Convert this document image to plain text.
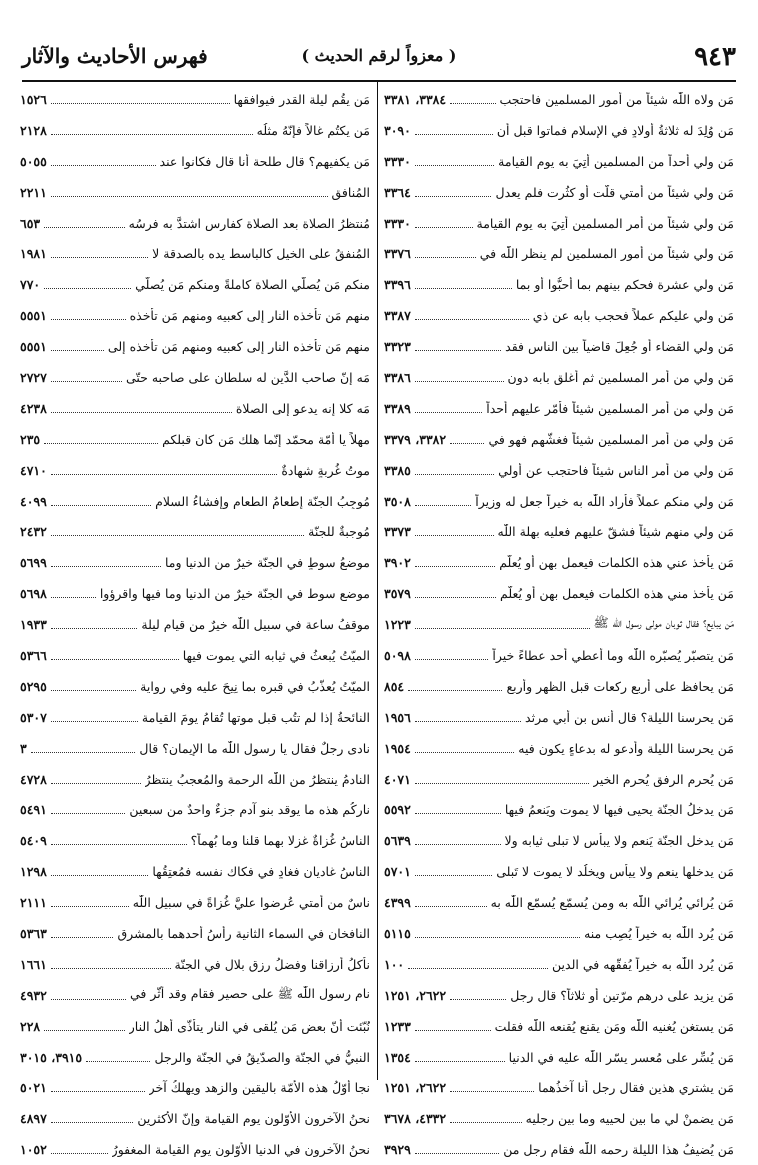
٩٤٣
( معزواً لرقم الحديث )
فهرس الأحاديث والآثار
مَن ولاه اللّٰه شيئاً من أمور المسلمين فاحتجب
٣٣٨٤، ٣٣٨١
مَن وُلِدَ له ثلاثةُ أولادٍ في الإسلام فماتوا قبل أن
٣٠٩٠
مَن ولي أحداً من المسلمين أُتِيَ به يوم القيامة
٣٣٣٠
مَن ولي شيئاً من أُمتي قلّت أو كثُرت فلم يعدل
٣٣٦٤
مَن ولي شيئاً من أمر المسلمين أُتِيَ به يوم القيامة
٣٣٣٠
مَن ولي شيئاً من أمور المسلمين لم ينظر اللّٰه في
٣٣٧٦
مَن ولي عشرة فحكم بينهم بما أحبُّوا أو بما
٣٣٩٦
مَن ولي عليكم عملاً فحجب بابه عن ذي
٣٣٨٧
مَن ولي القضاء أو جُعِلَ قاضياً بين الناس فقد
٣٣٢٣
مَن ولي من أمر المسلمين ثم أغلق بابه دون
٣٣٨٦
مَن ولي من أمر المسلمين شيئاً فأمّر عليهم أحداً
٣٣٨٩
مَن ولي من أمر المسلمين شيئاً فغشّهم فهو في
٣٣٨٢، ٣٣٧٩
مَن ولي من أمر الناس شيئاً فاحتجب عن أولي
٣٣٨٥
مَن ولي منكم عملاً فأراد اللّٰه به خيراً جعل له وزيراً
٣٥٠٨
مَن ولي منهم شيئاً فشقّ عليهم فعليه بهلة اللّٰه
٣٣٧٣
مَن يأخذ عني هذه الكلمات فيعمل بهن أو يُعلّم
٣٩٠٢
مَن يأخذ مني هذه الكلمات فيعمل بهن أو يُعلّم
٣٥٧٩
مَن يبايع؟ فقال ثوبان مولى رسول اللّٰه ﷺ
١٢٢٣
مَن يتصبّر يُصبّره اللّٰه وما أُعطي أحد عطاءً خيراً
٥٠٩٨
مَن يحافظ على أربع ركعات قبل الظهر وأربع
٨٥٤
مَن يحرسنا الليلة؟ قال أنس بن أبي مرثد
١٩٥٦
مَن يحرسنا الليلة وأدعو له بدعاءٍ يكون فيه
١٩٥٤
مَن يُحرم الرفق يُحرم الخير
٤٠٧١
مَن يدخلُ الجنّة يحيى فيها لا يموت ويَنعمُ فيها
٥٥٩٢
مَن يدخل الجنّة يَنعم ولا يبأس لا تبلى ثيابه ولا
٥٦٣٩
مَن يدخلها ينعم ولا ييأس ويخلُد لا يموت لا تَبلى
٥٧٠١
مَن يُرائي يُرائي اللّٰه به ومن يُسمّع يُسمّع اللّٰه به
٤٣٩٩
مَن يُرد اللّٰه به خيراً يُصِب منه
٥١١٥
مَن يُرد اللّٰه به خيراً يُفقّهه في الدين
١٠٠
مَن يزيد على درهم مرّتين أو ثلاثاً؟ قال رجل
٢٦٢٢، ١٢٥١
مَن يستغنِ يُغنيه اللّٰه ومَن يقنع يُقنعه اللّٰه فقلت
١٢٣٣
مَن يُسِّر على مُعسر يسّر اللّٰه عليه في الدنيا
١٣٥٤
مَن يشتري هذين فقال رجل أنا آخذُهما
٢٦٢٢، ١٢٥١
مَن يضمنْ لي ما بين لحييه وما بين رجليه
٤٣٣٢، ٣٦٧٨
مَن يُضيفُ هذا الليلة رحمه اللّٰه فقام رجل من
٣٩٢٩
مَن يقُم ليلة القدر فيوافقها
١٥٢٦
مَن يكتُم غالاً فإنّهُ مثلُه
٢١٢٨
مَن يكفيهم؟ قال طلحة أنا قال فكانوا عند
٥٠٥٥
المُنافق
٢٢١١
مُنتظرُ الصلاة بعد الصلاة كفارس اشتدَّ به فرسُه
٦٥٣
المُنفقُ على الخيل كالباسط يده بالصدقة لا
١٩٨١
منكم مَن يُصلّي الصلاة كاملةً ومنكم مَن يُصلّي
٧٧٠
منهم مَن تأخذه النار إلى كعبيه ومنهم مَن تأخذه
٥٥٥١
منهم مَن تأخذه النار إلى كعبيه ومنهم مَن تأخذه إلى
٥٥٥١
مَه إنّ صاحب الدَّين له سلطان على صاحبه حتّى
٢٧٢٧
مَه كلا إنه يدعو إلى الصلاة
٤٢٣٨
مهلاً يا أُمّة محمّد إنّما هلك مَن كان قبلكم
٢٣٥
موتُ غُربةٍ شهادةٌ
٤٧١٠
مُوجِبُ الجنّة إطعامُ الطعام وإفشاءُ السلام
٤٠٩٩
مُوجبةٌ للجنّة
٢٤٣٢
موضعُ سوطٍ في الجنّة خيرٌ من الدنيا وما
٥٦٩٩
موضع سوط في الجنّة خيرٌ من الدنيا وما فيها واقرؤوا
٥٦٩٨
موقفُ ساعة في سبيل اللّٰه خيرٌ من قيام ليلة
١٩٣٣
الميّتُ يُبعثُ في ثيابه التي يموت فيها
٥٣٦٦
الميّتُ يُعذّبُ في قبره بما نِيحَ عليه وفي رواية
٥٢٩٥
النائحةُ إذا لم تتُب قبل موتها تُقامُ يومَ القيامة
٥٣٠٧
نادى رجلٌ فقال يا رسول اللّٰه ما الإيمان؟ قال
٣
النادمُ ينتظرُ من اللّٰه الرحمة والمُعجبُ ينتظرُ
٤٧٢٨
ناركُم هذه ما يوقد بنو آدم جزءٌ واحدٌ من سبعين
٥٤٩١
الناسُ غُزاةٌ غزلا بهما قلنا وما بُهماً؟
٥٤٠٩
الناسُ غاديان فغادٍ في فكاك نفسه فمُعتِقُها
١٢٩٨
ناسٌ من أُمتي عُرضوا عليَّ غُزاةً في سبيل اللّٰه
٢١١١
النافخان في السماء الثانية رأسُ أحدهما بالمشرق
٥٣٦٣
نأكلُ أرزاقنا وفضلُ رزق بلال في الجنّة
١٦٦١
نام رسول اللّٰه ﷺ على حصير فقام وقد أثّر في
٤٩٣٢
نُبّئت أنّ بعض مَن يُلقى في النار يتأذّى أهلُ النار
٢٢٨
النبيُّ في الجنّة والصدّيقُ في الجنّة والرجل
٣٩١٥، ٣٠١٥
نجا أوّلُ هذه الأُمّة باليقين والزهد ويهلكُ آخر
٥٠٢١
نحنُ الآخرون الأوّلون يوم القيامة وإنّ الأكثرين
٤٨٩٧
نحنُ الآخرون في الدنيا الأوّلون يوم القيامة المغفورُ
١٠٥٢
